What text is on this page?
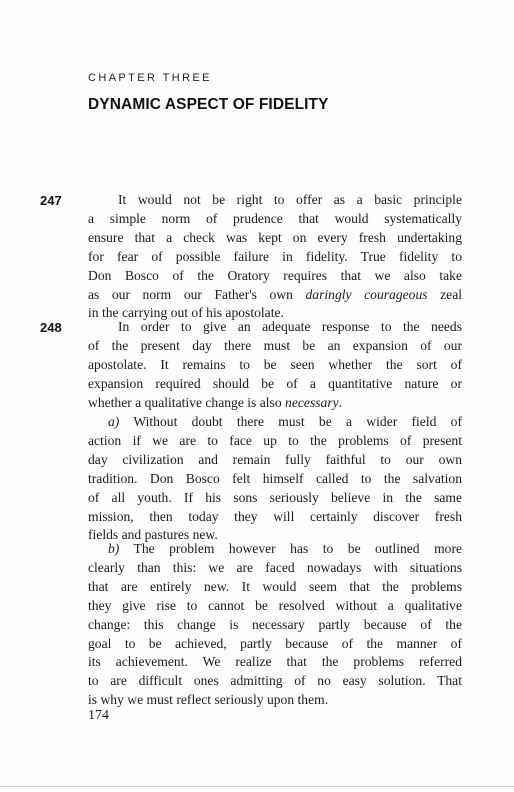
CHAPTER THREE
DYNAMIC ASPECT OF FIDELITY
247	It would not be right to offer as a basic principle
a simple norm of prudence that would systematically
ensure that a check was kept on every fresh undertaking
for fear of possible failure in fidelity. True fidelity to
Don Bosco of the Oratory requires that we also take
as our norm our Father's own daringly courageous zeal
in the carrying out of his apostolate.
248	In order to give an adequate response to the needs
of the present day there must be an expansion of our
apostolate. It remains to be seen whether the sort of
expansion required should be of a quantitative nature or
whether a qualitative change is also necessary.
a) Without doubt there must be a wider field of
action if we are to face up to the problems of present
day civilization and remain fully faithful to our own
tradition. Don Bosco felt himself called to the salvation
of all youth. If his sons seriously believe in the same
mission, then today they will certainly discover fresh
fields and pastures new.
b) The problem however has to be outlined more
clearly than this: we are faced nowadays with situations
that are entirely new. It would seem that the problems
they give rise to cannot be resolved without a qualitative
change: this change is necessary partly because of the
goal to be achieved, partly because of the manner of
its achievement. We realize that the problems referred
to are difficult ones admitting of no easy solution. That
is why we must reflect seriously upon them.
174
